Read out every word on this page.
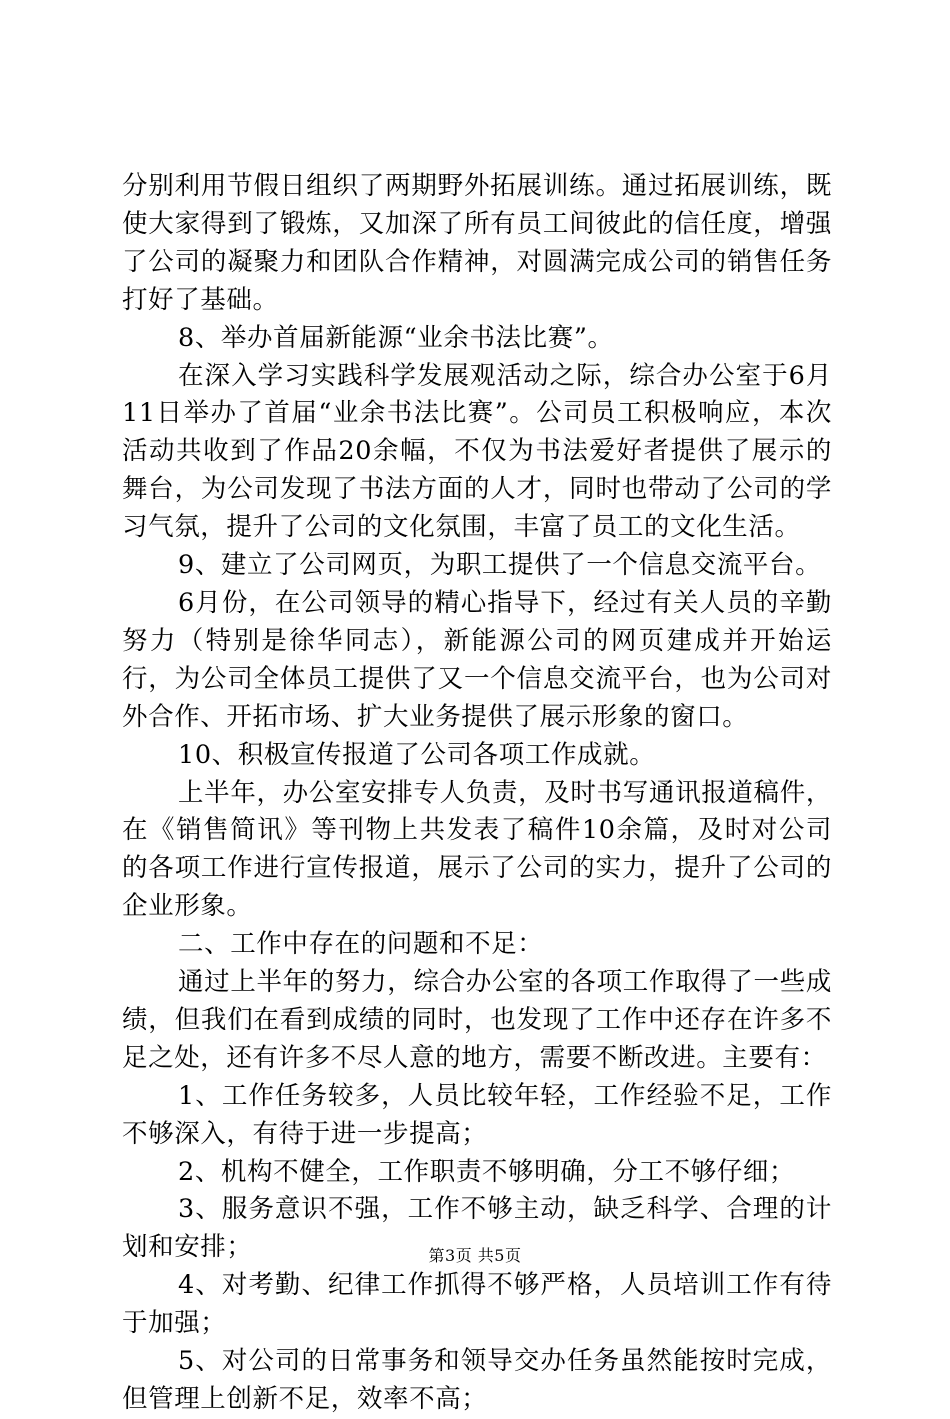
分别利用节假日组织了两期野外拓展训练。通过拓展训练，既使大家得到了锻炼，又加深了所有员工间彼此的信任度，增强了公司的凝聚力和团队合作精神，对圆满完成公司的销售任务打好了基础。

8、举办首届新能源“业余书法比赛”。

在深入学习实践科学发展观活动之际，综合办公室于6月11日举办了首届“业余书法比赛”。公司员工积极响应，本次活动共收到了作品20余幅，不仅为书法爱好者提供了展示的舞台，为公司发现了书法方面的人才，同时也带动了公司的学习气氛，提升了公司的文化氛围，丰富了员工的文化生活。

9、建立了公司网页，为职工提供了一个信息交流平台。

6月份，在公司领导的精心指导下，经过有关人员的辛勤努力（特别是徐华同志），新能源公司的网页建成并开始运行，为公司全体员工提供了又一个信息交流平台，也为公司对外合作、开拓市场、扩大业务提供了展示形象的窗口。

10、积极宣传报道了公司各项工作成就。

上半年，办公室安排专人负责，及时书写通讯报道稿件，在《销售简讯》等刊物上共发表了稿件10余篇，及时对公司的各项工作进行宣传报道，展示了公司的实力，提升了公司的企业形象。

二、工作中存在的问题和不足：

通过上半年的努力，综合办公室的各项工作取得了一些成绩，但我们在看到成绩的同时，也发现了工作中还存在许多不足之处，还有许多不尽人意的地方，需要不断改进。主要有：

1、工作任务较多，人员比较年轻，工作经验不足，工作不够深入，有待于进一步提高；

2、机构不健全，工作职责不够明确，分工不够仔细；

3、服务意识不强，工作不够主动，缺乏科学、合理的计划和安排；

4、对考勤、纪律工作抓得不够严格，人员培训工作有待于加强；

5、对公司的日常事务和领导交办任务虽然能按时完成，但管理上创新不足，效率不高；

第3页 共5页
